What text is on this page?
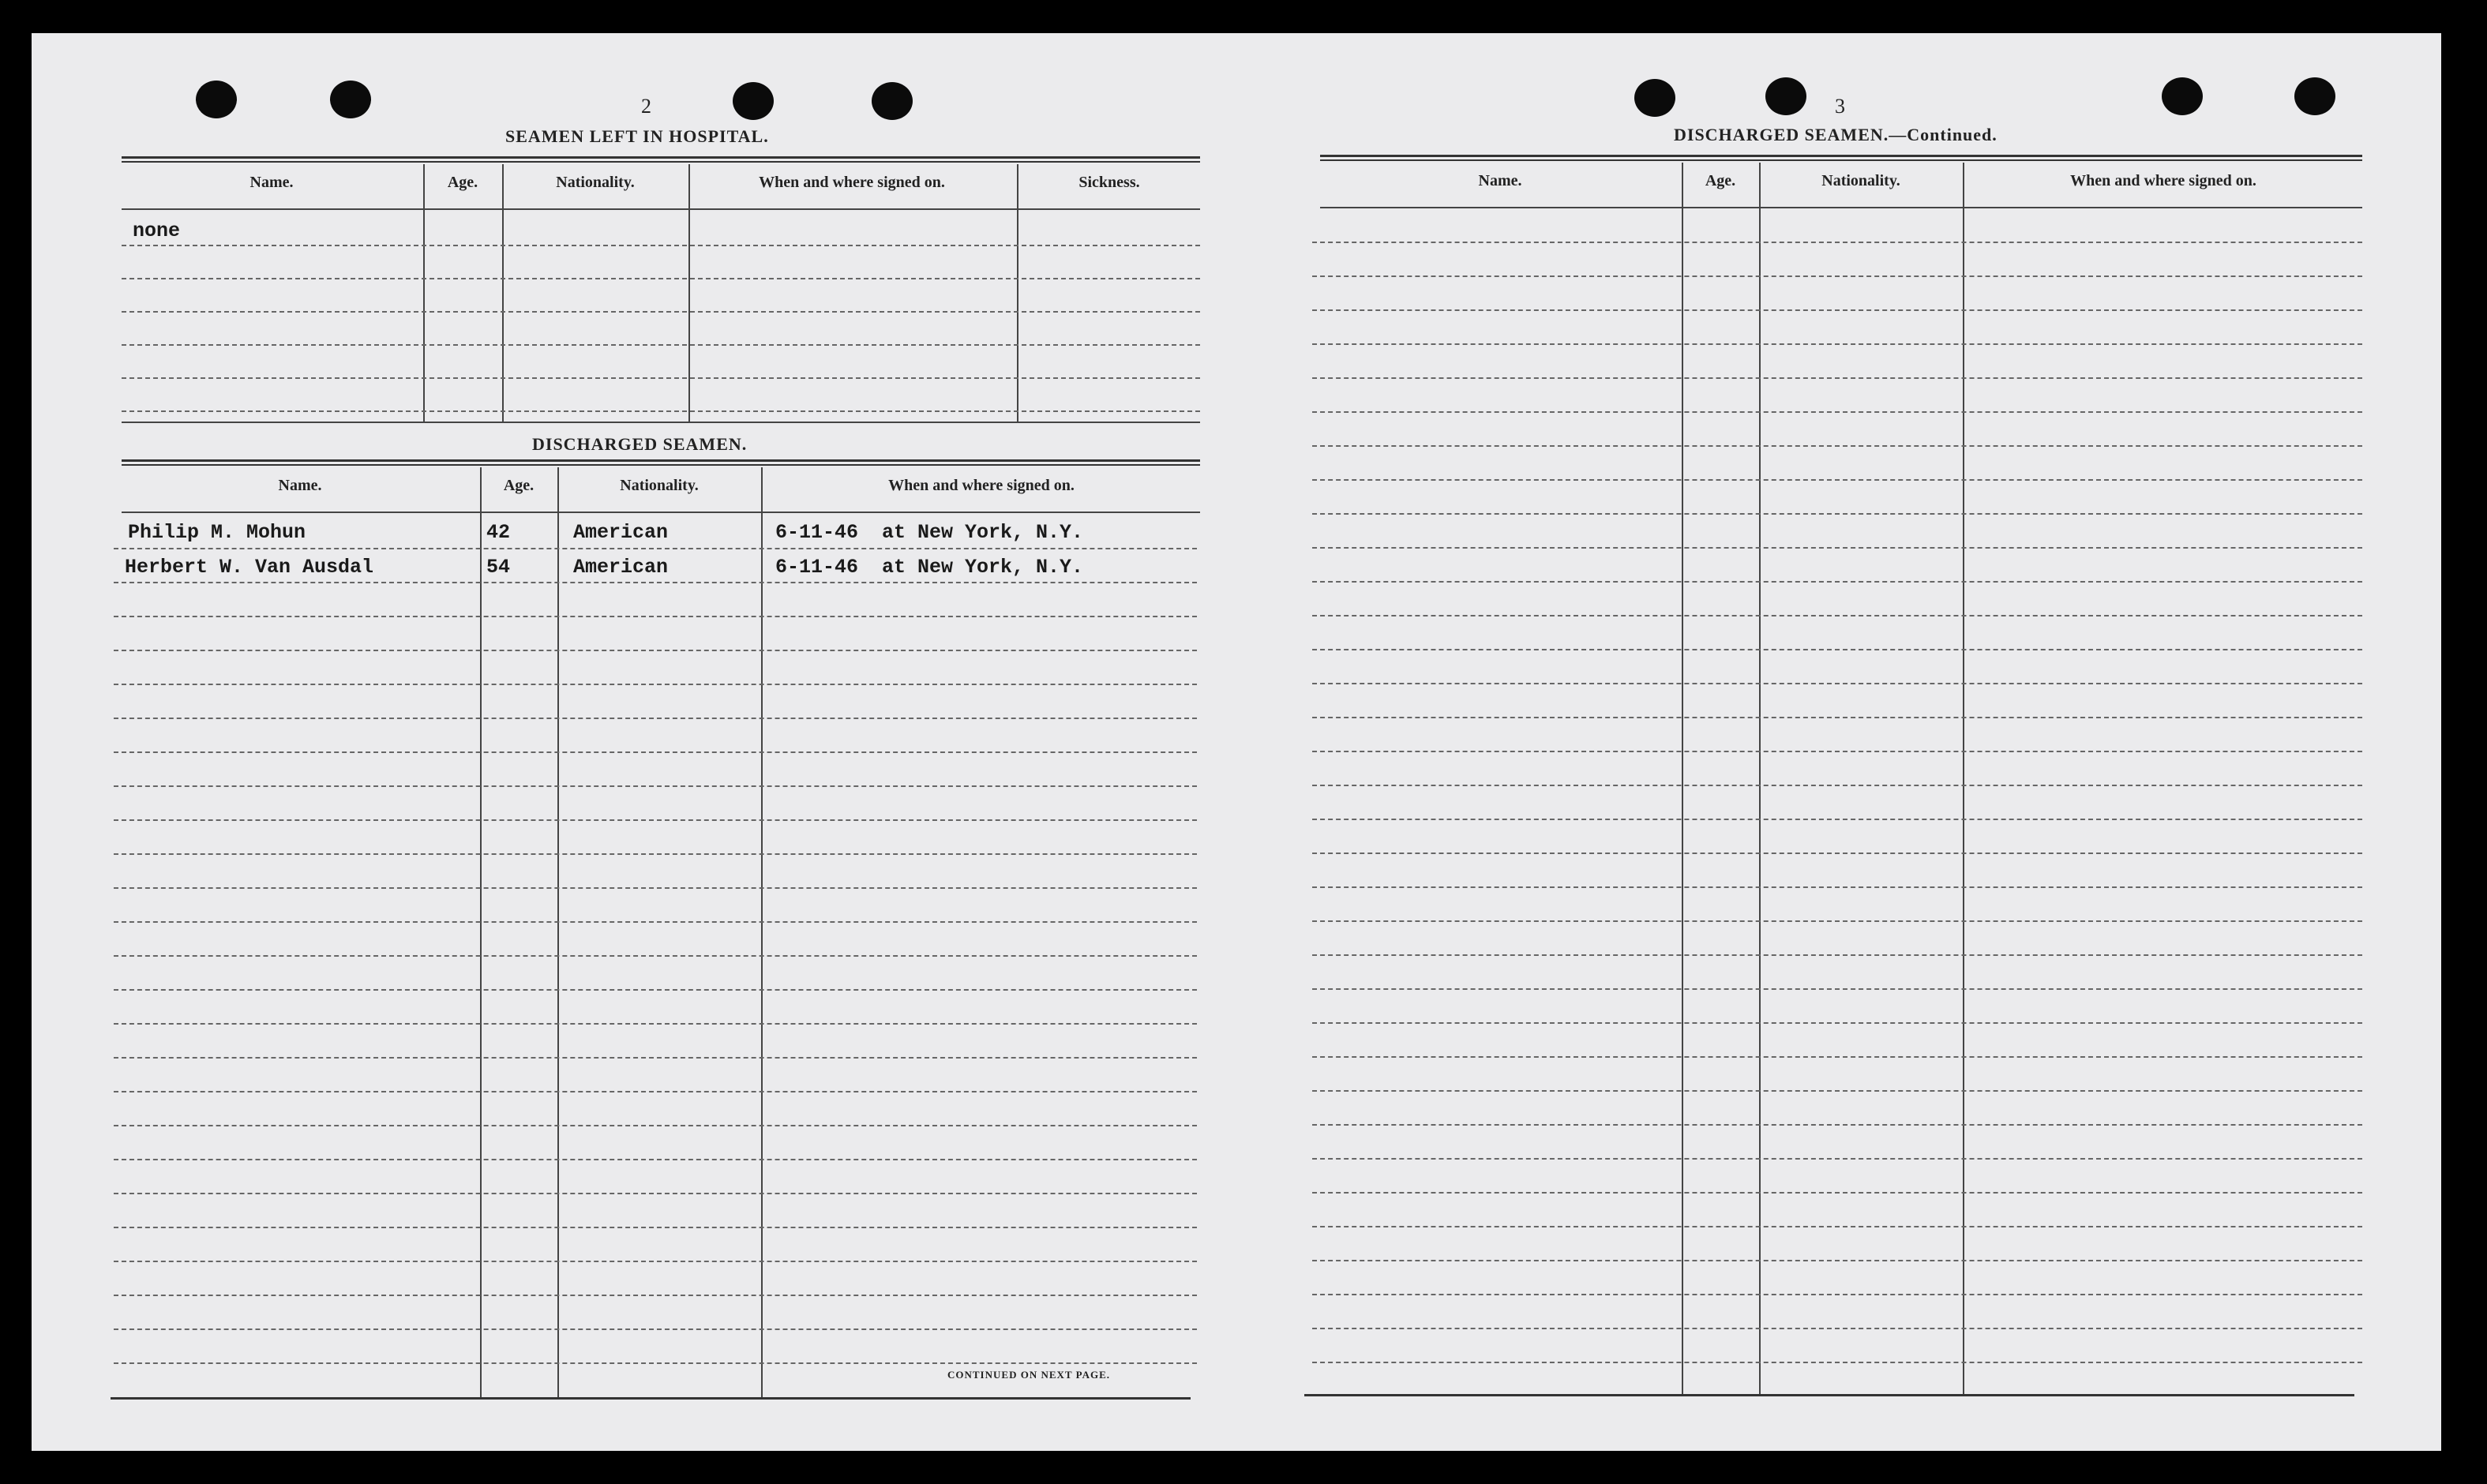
2
SEAMEN LEFT IN HOSPITAL.
Name.	Age.	Nationality.	When and where signed on.	Sickness.
none
DISCHARGED SEAMEN.
Name.	Age.	Nationality.	When and where signed on.
Philip M. Mohun	42	American	6-11-46  at New York, N.Y.
Herbert W. Van Ausdal	54	American	6-11-46  at New York, N.Y.
CONTINUED ON NEXT PAGE.
3
DISCHARGED SEAMEN.—Continued.
Name.	Age.	Nationality.	When and where signed on.
